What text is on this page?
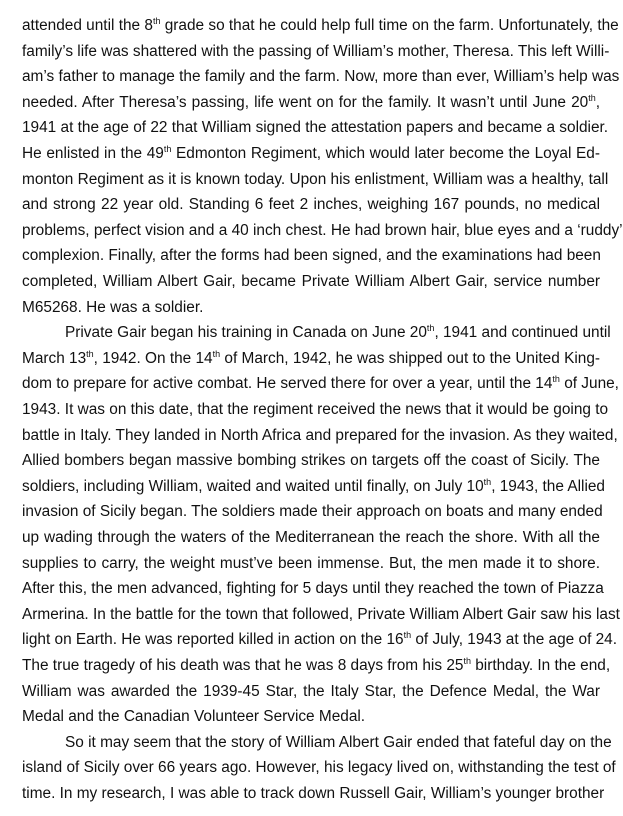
attended until the 8th grade so that he could help full time on the farm. Unfortunately, the
family’s life was shattered with the passing of William’s mother, Theresa. This left Willi-
am’s father to manage the family and the farm. Now, more than ever, William’s help was
needed. After Theresa’s passing, life went on for the family. It wasn’t until June 20th,
1941 at the age of 22 that William signed the attestation papers and became a soldier.
He enlisted in the 49th Edmonton Regiment, which would later become the Loyal Ed-
monton Regiment as it is known today. Upon his enlistment, William was a healthy, tall
and strong 22 year old. Standing 6 feet 2 inches, weighing 167 pounds, no medical
problems, perfect vision and a 40 inch chest. He had brown hair, blue eyes and a ‘ruddy’
complexion. Finally, after the forms had been signed, and the examinations had been
completed, William Albert Gair, became Private William Albert Gair, service number
M65268. He was a soldier.
Private Gair began his training in Canada on June 20th, 1941 and continued until
March 13th, 1942. On the 14th of March, 1942, he was shipped out to the United King-
dom to prepare for active combat. He served there for over a year, until the 14th of June,
1943. It was on this date, that the regiment received the news that it would be going to
battle in Italy. They landed in North Africa and prepared for the invasion. As they waited,
Allied bombers began massive bombing strikes on targets off the coast of Sicily. The
soldiers, including William, waited and waited until finally, on July 10th, 1943, the Allied
invasion of Sicily began. The soldiers made their approach on boats and many ended
up wading through the waters of the Mediterranean the reach the shore. With all the
supplies to carry, the weight must’ve been immense. But, the men made it to shore.
After this, the men advanced, fighting for 5 days until they reached the town of Piazza
Armerina. In the battle for the town that followed, Private William Albert Gair saw his last
light on Earth. He was reported killed in action on the 16th of July, 1943 at the age of 24.
The true tragedy of his death was that he was 8 days from his 25th birthday. In the end,
William was awarded the 1939-45 Star, the Italy Star, the Defence Medal, the War
Medal and the Canadian Volunteer Service Medal.
So it may seem that the story of William Albert Gair ended that fateful day on the
island of Sicily over 66 years ago. However, his legacy lived on, withstanding the test of
time. In my research, I was able to track down Russell Gair, William’s younger brother
